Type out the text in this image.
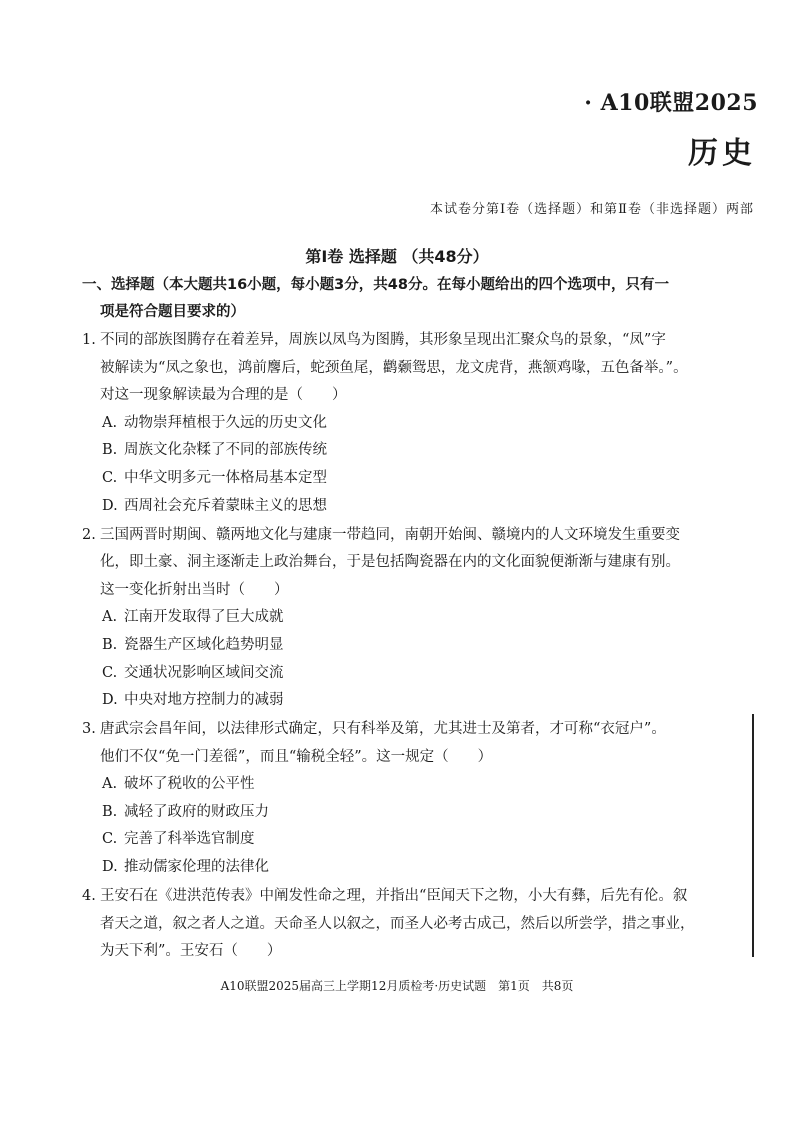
· A10联盟2025
历史
本试卷分第Ⅰ卷（选择题）和第Ⅱ卷（非选择题）两部
第Ⅰ卷 选择题 （共48分）
一、选择题（本大题共16小题，每小题3分，共48分。在每小题给出的四个选项中，只有一
项是符合题目要求的）
1. 不同的部族图腾存在着差异，周族以凤鸟为图腾，其形象呈现出汇聚众鸟的景象，“凤”字
被解读为“凤之象也，鸿前麐后，蛇颈鱼尾，鹳颡鸳思，龙文虎背，燕颔鸡喙，五色备举。”。
对这一现象解读最为合理的是（　　）
A. 动物崇拜植根于久远的历史文化
B. 周族文化杂糅了不同的部族传统
C. 中华文明多元一体格局基本定型
D. 西周社会充斥着蒙昧主义的思想
2. 三国两晋时期闽、赣两地文化与建康一带趋同，南朝开始闽、赣境内的人文环境发生重要变
化，即土豪、洞主逐渐走上政治舞台，于是包括陶瓷器在内的文化面貌便渐渐与建康有别。
这一变化折射出当时（　　）
A. 江南开发取得了巨大成就
B. 瓷器生产区域化趋势明显
C. 交通状况影响区域间交流
D. 中央对地方控制力的减弱
3. 唐武宗会昌年间，以法律形式确定，只有科举及第，尤其进士及第者，才可称“衣冠户”。
他们不仅“免一门差徭”，而且“输税全轻”。这一规定（　　）
A. 破坏了税收的公平性
B. 减轻了政府的财政压力
C. 完善了科举选官制度
D. 推动儒家伦理的法律化
4. 王安石在《进洪范传表》中阐发性命之理，并指出“臣闻天下之物，小大有彝，后先有伦。叙
者天之道，叙之者人之道。天命圣人以叙之，而圣人必考古成己，然后以所尝学，措之事业，
为天下利”。王安石（　　）
A10联盟2025届高三上学期12月质检考·历史试题　第1页　共8页
